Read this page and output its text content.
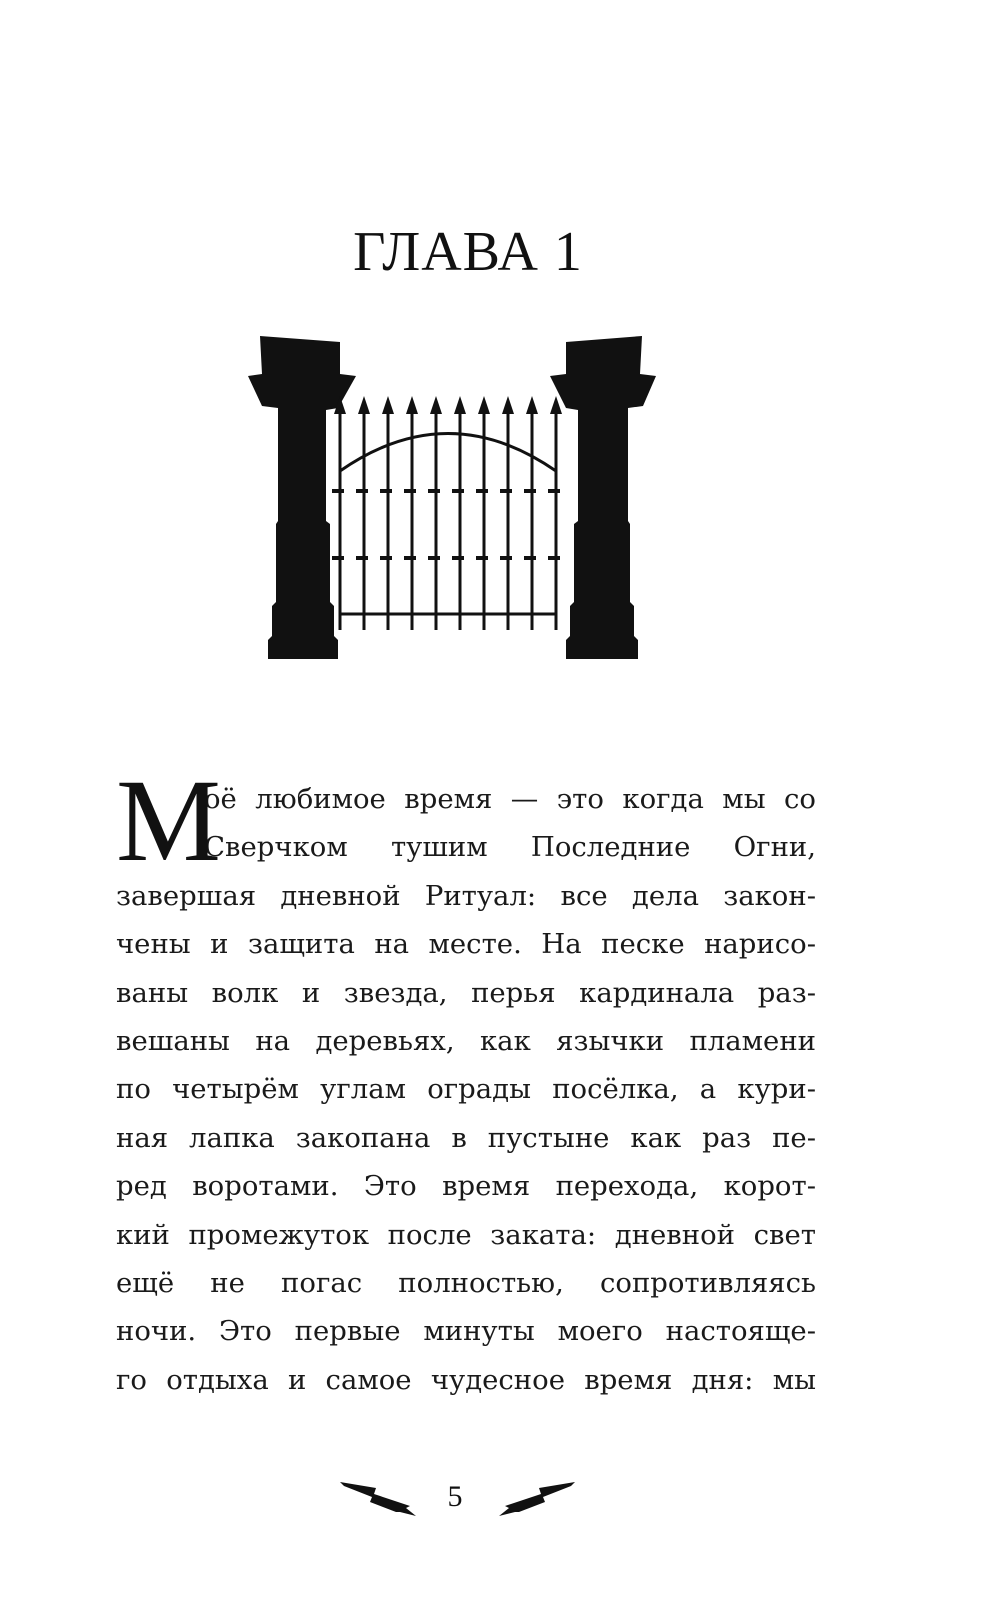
ГЛАВА 1
М
оё любимое время — это когда мы со
Сверчком тушим Последние Огни,
завершая дневной Ритуал: все дела закон-
чены и защита на месте. На песке нарисо-
ваны волк и звезда, перья кардинала раз-
вешаны на деревьях, как язычки пламени
по четырём углам ограды посёлка, а кури-
ная лапка закопана в пустыне как раз пе-
ред воротами. Это время перехода, корот-
кий промежуток после заката: дневной свет
ещё не погас полностью, сопротивляясь
ночи. Это первые минуты моего настояще-
го отдыха и самое чудесное время дня: мы
5
